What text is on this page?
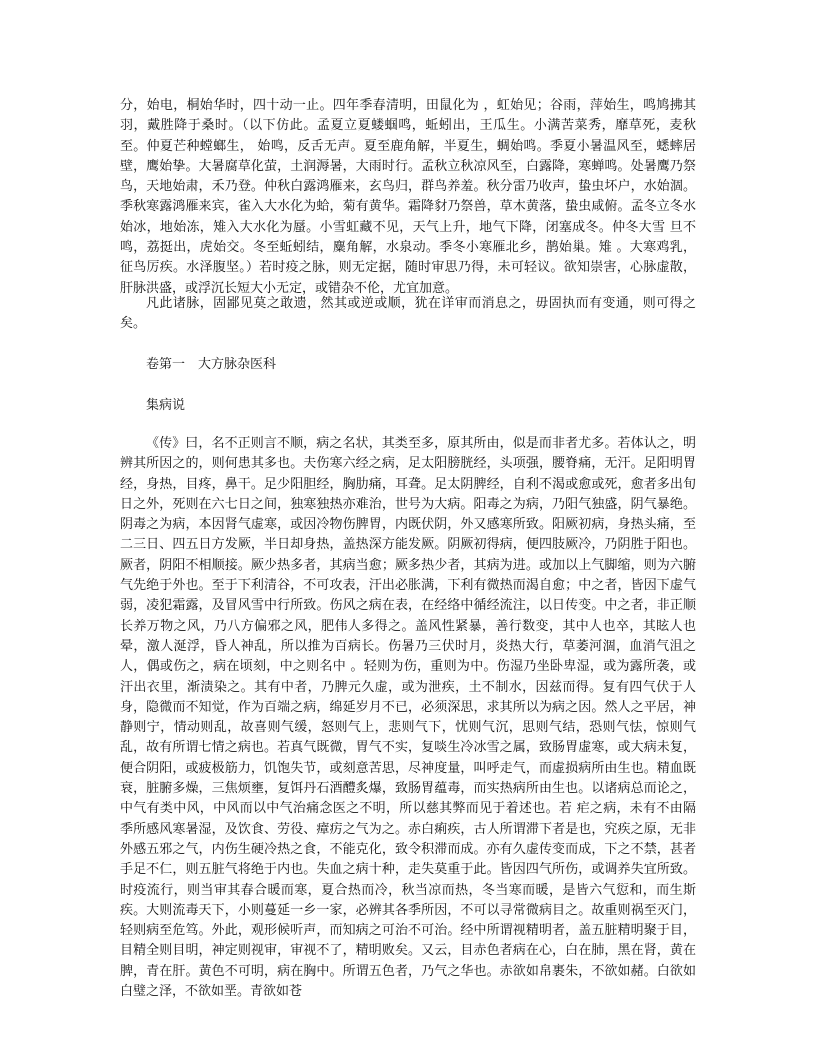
分，始电，桐始华时，四十动一止。四年季春清明，田鼠化为 ，虹始见；谷雨，萍始生，鸣鸠拂其羽，戴胜降于桑时。（以下仿此。孟夏立夏蝼蝈鸣，蚯蚓出，王瓜生。小满苦菜秀，靡草死，麦秋至。仲夏芒种螳螂生， 始鸣，反舌无声。夏至鹿角解，半夏生，蜩始鸣。季夏小暑温风至，蟋蟀居壁，鹰始挚。大暑腐草化萤，土润溽暑，大雨时行。孟秋立秋凉风至，白露降，寒蝉鸣。处暑鹰乃祭鸟，天地始肃，禾乃登。仲秋白露鸿雁来，玄鸟归，群鸟养羞。秋分雷乃收声，蛰虫坏户，水始涸。季秋寒露鸿雁来宾，雀入大水化为蛤，菊有黄华。霜降豺乃祭兽，草木黄落，蛰虫咸俯。孟冬立冬水始冰，地始冻，雉入大水化为蜃。小雪虹藏不见，天气上升，地气下降，闭塞成冬。仲冬大雪 旦不鸣，荔挺出，虎始交。冬至蚯蚓结，麋角解，水泉动。季冬小寒雁北乡，鹊始巢。雉 。大寒鸡乳，征鸟厉疾。水泽腹坚。）若时疫之脉，则无定据，随时审思乃得，未可轻议。欲知崇害，心脉虚散，肝脉洪盛，或浮沉长短大小无定，或错杂不伦，尤宜加意。

凡此诸脉，固鄙见莫之敢遗，然其或逆或顺，犹在详审而消息之，毋固执而有变通，则可得之矣。

卷第一　大方脉杂医科

集病说

《传》曰，名不正则言不顺，病之名状，其类至多，原其所由，似是而非者尤多。若体认之，明辨其所因之的，则何患其多也。夫伤寒六经之病，足太阳膀胱经，头项强，腰脊痛，无汗。足阳明胃经，身热，目疼，鼻干。足少阳胆经，胸肋痛，耳聋。足太阴脾经，自利不渴或愈或死，愈者多出旬日之外，死则在六七日之间，独寒独热亦难治，世号为大病。阳毒之为病，乃阳气独盛，阴气暴绝。阴毒之为病，本因肾气虚寒，或因冷物伤脾胃，内既伏阴，外又感寒所致。阳厥初病，身热头痛，至二三日、四五日方发厥，半日却身热，盖热深方能发厥。阴厥初得病，便四肢厥冷，乃阴胜于阳也。厥者，阴阳不相顺接。厥少热多者，其病当愈；厥多热少者，其病为进。或加以上气脚缩，则为六腑气先绝于外也。至于下利清谷，不可攻表，汗出必胀满，下利有微热而渴自愈；中之者，皆因下虚气弱，凌犯霜露，及冒风雪中行所致。伤风之病在表，在经络中循经流注，以日传变。中之者，非正顺长养万物之风，乃八方偏邪之风，肥伟人多得之。盖风性紧暴，善行数变，其中人也卒，其眩人也晕，激人涎浮，昏人神乱，所以推为百病长。伤暑乃三伏时月，炎热大行，草萎河涸，血消气沮之人，偶或伤之，病在顷刻，中之则名中 。轻则为伤，重则为中。伤湿乃坐卧卑湿，或为露所袭，或汗出衣里，渐渍染之。其有中者，乃脾元久虚，或为泄疾，土不制水，因兹而得。复有四气伏于人身，隐微而不知觉，作为百端之病，绵延岁月不已，必须深思，求其所以为病之因。然人之平居，神静则宁，情动则乱，故喜则气缓，怒则气上，悲则气下，忧则气沉，思则气结，恐则气怯，惊则气乱，故有所谓七情之病也。若真气既微，胃气不实，复啖生冷冰雪之属，致肠胃虚寒，或大病未复，便合阴阳，或疲极筋力，饥饱失节，或刻意苦思，尽神度量，叫呼走气，而虚损病所由生也。精血既衰，脏腑多燥，三焦烦壅，复饵丹石酒醴炙爆，致肠胃蕴毒，而实热病所由生也。以诸病总而论之，中气有类中风，中风而以中气治痛念医之不明，所以慈其弊而见于着述也。若 疟之病，未有不由隔季所感风寒暑湿，及饮食、劳役、瘴疠之气为之。赤白痢疾，古人所谓滞下者是也，究疾之原，无非外感五邪之气，内伤生硬冷热之食，不能克化，致令积滞而成。亦有久虚传变而成，下之不禁，甚者手足不仁，则五脏气将绝于内也。失血之病十种，走失莫重于此。皆因四气所伤，或调养失宜所致。时疫流行，则当审其春合暖而寒，夏合热而冷，秋当凉而热，冬当寒而暖，是皆六气愆和，而生斯疾。大则流毒天下，小则蔓延一乡一家，必辨其各季所因，不可以寻常微病目之。故重则祸至灭门，轻则病至危笃。外此，观形候听声，而知病之可治不可治。经中所谓视精明者，盖五脏精明聚于目，目精全则目明，神定则视审，审视不了，精明败矣。又云，目赤色者病在心，白在肺，黑在肾，黄在脾，青在肝。黄色不可明，病在胸中。所谓五色者，乃气之华也。赤欲如帛裹朱，不欲如赭。白欲如白璧之泽，不欲如垩。青欲如苍
